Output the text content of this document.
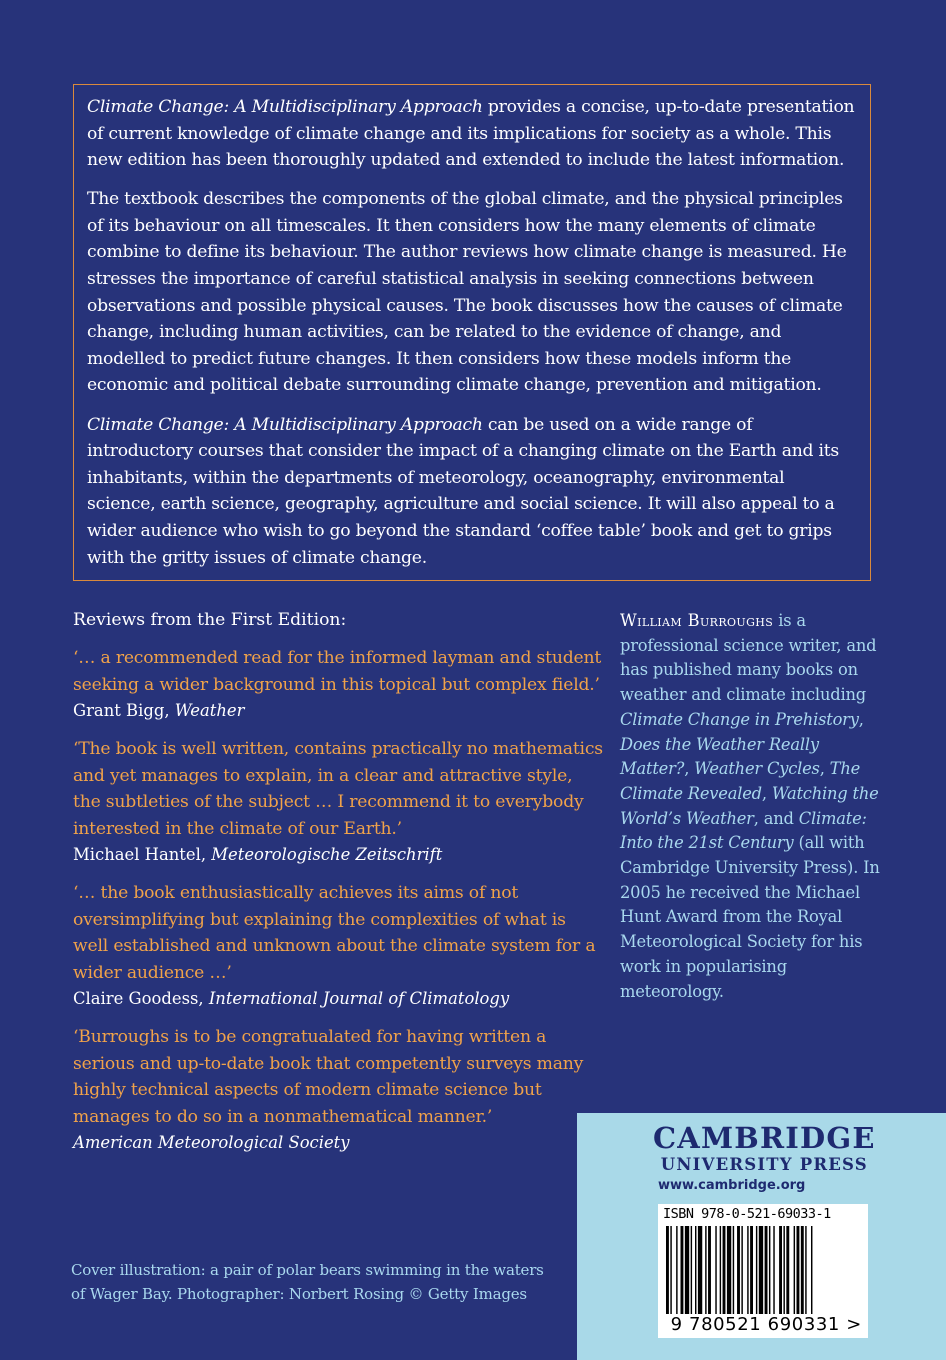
Climate Change: A Multidisciplinary Approach provides a concise, up-to-date presentation of current knowledge of climate change and its implications for society as a whole. This new edition has been thoroughly updated and extended to include the latest information.

The textbook describes the components of the global climate, and the physical principles of its behaviour on all timescales. It then considers how the many elements of climate combine to define its behaviour. The author reviews how climate change is measured. He stresses the importance of careful statistical analysis in seeking connections between observations and possible physical causes. The book discusses how the causes of climate change, including human activities, can be related to the evidence of change, and modelled to predict future changes. It then considers how these models inform the economic and political debate surrounding climate change, prevention and mitigation.

Climate Change: A Multidisciplinary Approach can be used on a wide range of introductory courses that consider the impact of a changing climate on the Earth and its inhabitants, within the departments of meteorology, oceanography, environmental science, earth science, geography, agriculture and social science. It will also appeal to a wider audience who wish to go beyond the standard ‘coffee table’ book and get to grips with the gritty issues of climate change.

Reviews from the First Edition:
‘… a recommended read for the informed layman and student seeking a wider background in this topical but complex field.’
Grant Bigg, Weather
‘The book is well written, contains practically no mathematics and yet manages to explain, in a clear and attractive style, the subtleties of the subject … I recommend it to everybody interested in the climate of our Earth.’
Michael Hantel, Meteorologische Zeitschrift
‘… the book enthusiastically achieves its aims of not oversimplifying but explaining the complexities of what is well established and unknown about the climate system for a wider audience …’
Claire Goodess, International Journal of Climatology
‘Burroughs is to be congratualated for having written a serious and up-to-date book that competently surveys many highly technical aspects of modern climate science but manages to do so in a nonmathematical manner.’
American Meteorological Society
William Burroughs is a professional science writer, and has published many books on weather and climate including Climate Change in Prehistory, Does the Weather Really Matter?, Weather Cycles, The Climate Revealed, Watching the World’s Weather, and Climate: Into the 21st Century (all with Cambridge University Press). In 2005 he received the Michael Hunt Award from the Royal Meteorological Society for his work in popularising meteorology.
Cover illustration: a pair of polar bears swimming in the waters of Wager Bay. Photographer: Norbert Rosing © Getty Images
CAMBRIDGE
UNIVERSITY PRESS
www.cambridge.org
ISBN 978-0-521-69033-1
9 780521 690331 >
